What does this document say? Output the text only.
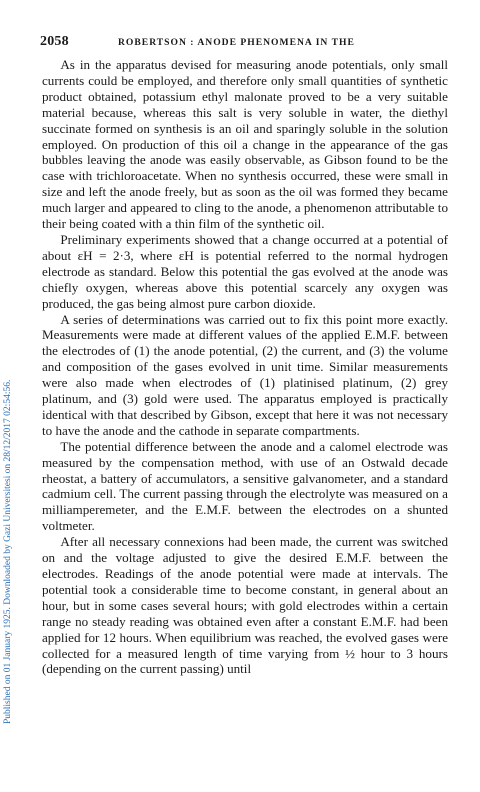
2058	ROBERTSON : ANODE PHENOMENA IN THE
Published on 01 January 1925. Downloaded by Gazi Universitesi on 28/12/2017 02:54:56.

As in the apparatus devised for measuring anode potentials, only small currents could be employed, and therefore only small quantities of synthetic product obtained, potassium ethyl malonate proved to be a very suitable material because, whereas this salt is very soluble in water, the diethyl succinate formed on synthesis is an oil and sparingly soluble in the solution employed. On production of this oil a change in the appearance of the gas bubbles leaving the anode was easily observable, as Gibson found to be the case with trichloroacetate. When no synthesis occurred, these were small in size and left the anode freely, but as soon as the oil was formed they became much larger and appeared to cling to the anode, a phenomenon attributable to their being coated with a thin film of the synthetic oil.

Preliminary experiments showed that a change occurred at a potential of about εH = 2·3, where εH is potential referred to the normal hydrogen electrode as standard. Below this potential the gas evolved at the anode was chiefly oxygen, whereas above this potential scarcely any oxygen was produced, the gas being almost pure carbon dioxide.

A series of determinations was carried out to fix this point more exactly. Measurements were made at different values of the applied E.M.F. between the electrodes of (1) the anode potential, (2) the current, and (3) the volume and composition of the gases evolved in unit time. Similar measurements were also made when electrodes of (1) platinised platinum, (2) grey platinum, and (3) gold were used. The apparatus employed is practically identical with that described by Gibson, except that here it was not necessary to have the anode and the cathode in separate compartments.

The potential difference between the anode and a calomel electrode was measured by the compensation method, with use of an Ostwald decade rheostat, a battery of accumulators, a sensitive galvanometer, and a standard cadmium cell. The current passing through the electrolyte was measured on a milliamperemeter, and the E.M.F. between the electrodes on a shunted voltmeter.

After all necessary connexions had been made, the current was switched on and the voltage adjusted to give the desired E.M.F. between the electrodes. Readings of the anode potential were made at intervals. The potential took a considerable time to become constant, in general about an hour, but in some cases several hours; with gold electrodes within a certain range no steady reading was obtained even after a constant E.M.F. had been applied for 12 hours. When equilibrium was reached, the evolved gases were collected for a measured length of time varying from ½ hour to 3 hours (depending on the current passing) until
